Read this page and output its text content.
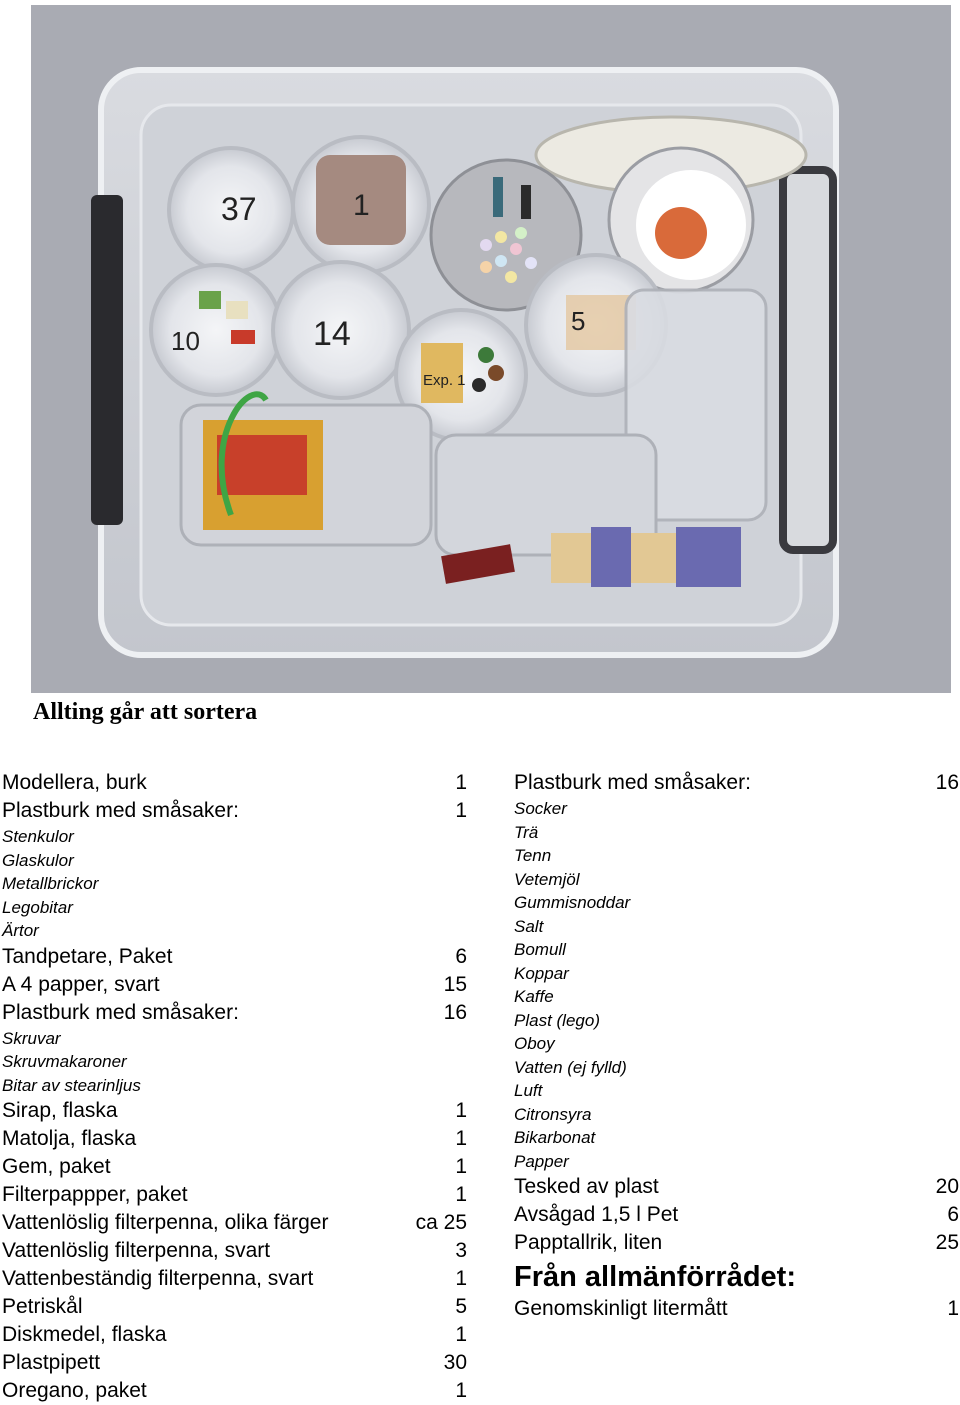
37	1
10	14
Exp. 1
5
Allting går att sortera
Modellera, burk	1
Plastburk med småsaker:	1
Stenkulor
Glaskulor
Metallbrickor
Legobitar
Ärtor
Tandpetare, Paket	6
A 4 papper, svart	15
Plastburk med småsaker:	16
Skruvar
Skruvmakaroner
Bitar av stearinljus
Sirap, flaska	1
Matolja, flaska	1
Gem, paket	1
Filterpappper, paket	1
Vattenlöslig filterpenna, olika färger	ca 25
Vattenlöslig filterpenna, svart	3
Vattenbeständig filterpenna, svart	1
Petriskål	5
Diskmedel, flaska	1
Plastpipett	30
Oregano, paket	1
Plastburk med småsaker:	16
Socker
Trä
Tenn
Vetemjöl
Gummisnoddar
Salt
Bomull
Koppar
Kaffe
Plast (lego)
Oboy
Vatten (ej fylld)
Luft
Citronsyra
Bikarbonat
Papper
Tesked av plast	20
Avsågad 1,5 l Pet	6
Papptallrik, liten	25
Från allmänförrådet:
Genomskinligt litermått	1
